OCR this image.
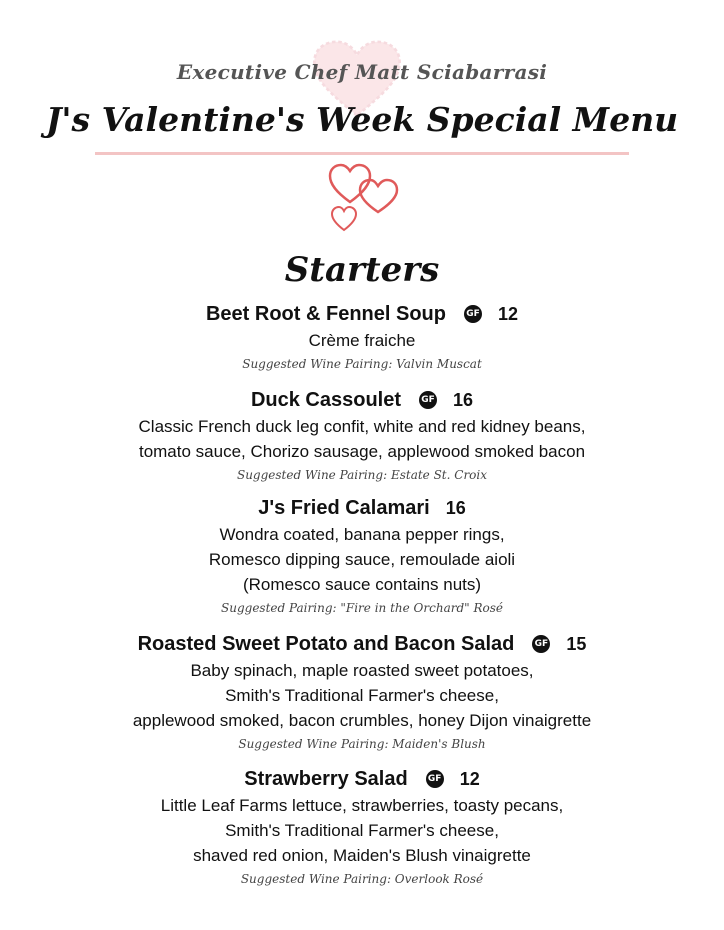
Executive Chef Matt Sciabarrasi
J's Valentine's Week Special Menu
Starters
Beet Root & Fennel Soup GF 12
Crème fraiche
Suggested Wine Pairing: Valvin Muscat
Duck Cassoulet GF 16
Classic French duck leg confit, white and red kidney beans,
tomato sauce, Chorizo sausage, applewood smoked bacon
Suggested Wine Pairing: Estate St. Croix
J's Fried Calamari 16
Wondra coated, banana pepper rings,
Romesco dipping sauce, remoulade aioli
(Romesco sauce contains nuts)
Suggested Pairing: "Fire in the Orchard" Rosé
Roasted Sweet Potato and Bacon Salad GF 15
Baby spinach, maple roasted sweet potatoes,
Smith's Traditional Farmer's cheese,
applewood smoked, bacon crumbles, honey Dijon vinaigrette
Suggested Wine Pairing: Maiden's Blush
Strawberry Salad GF 12
Little Leaf Farms lettuce, strawberries, toasty pecans,
Smith's Traditional Farmer's cheese,
shaved red onion, Maiden's Blush vinaigrette
Suggested Wine Pairing: Overlook Rosé
